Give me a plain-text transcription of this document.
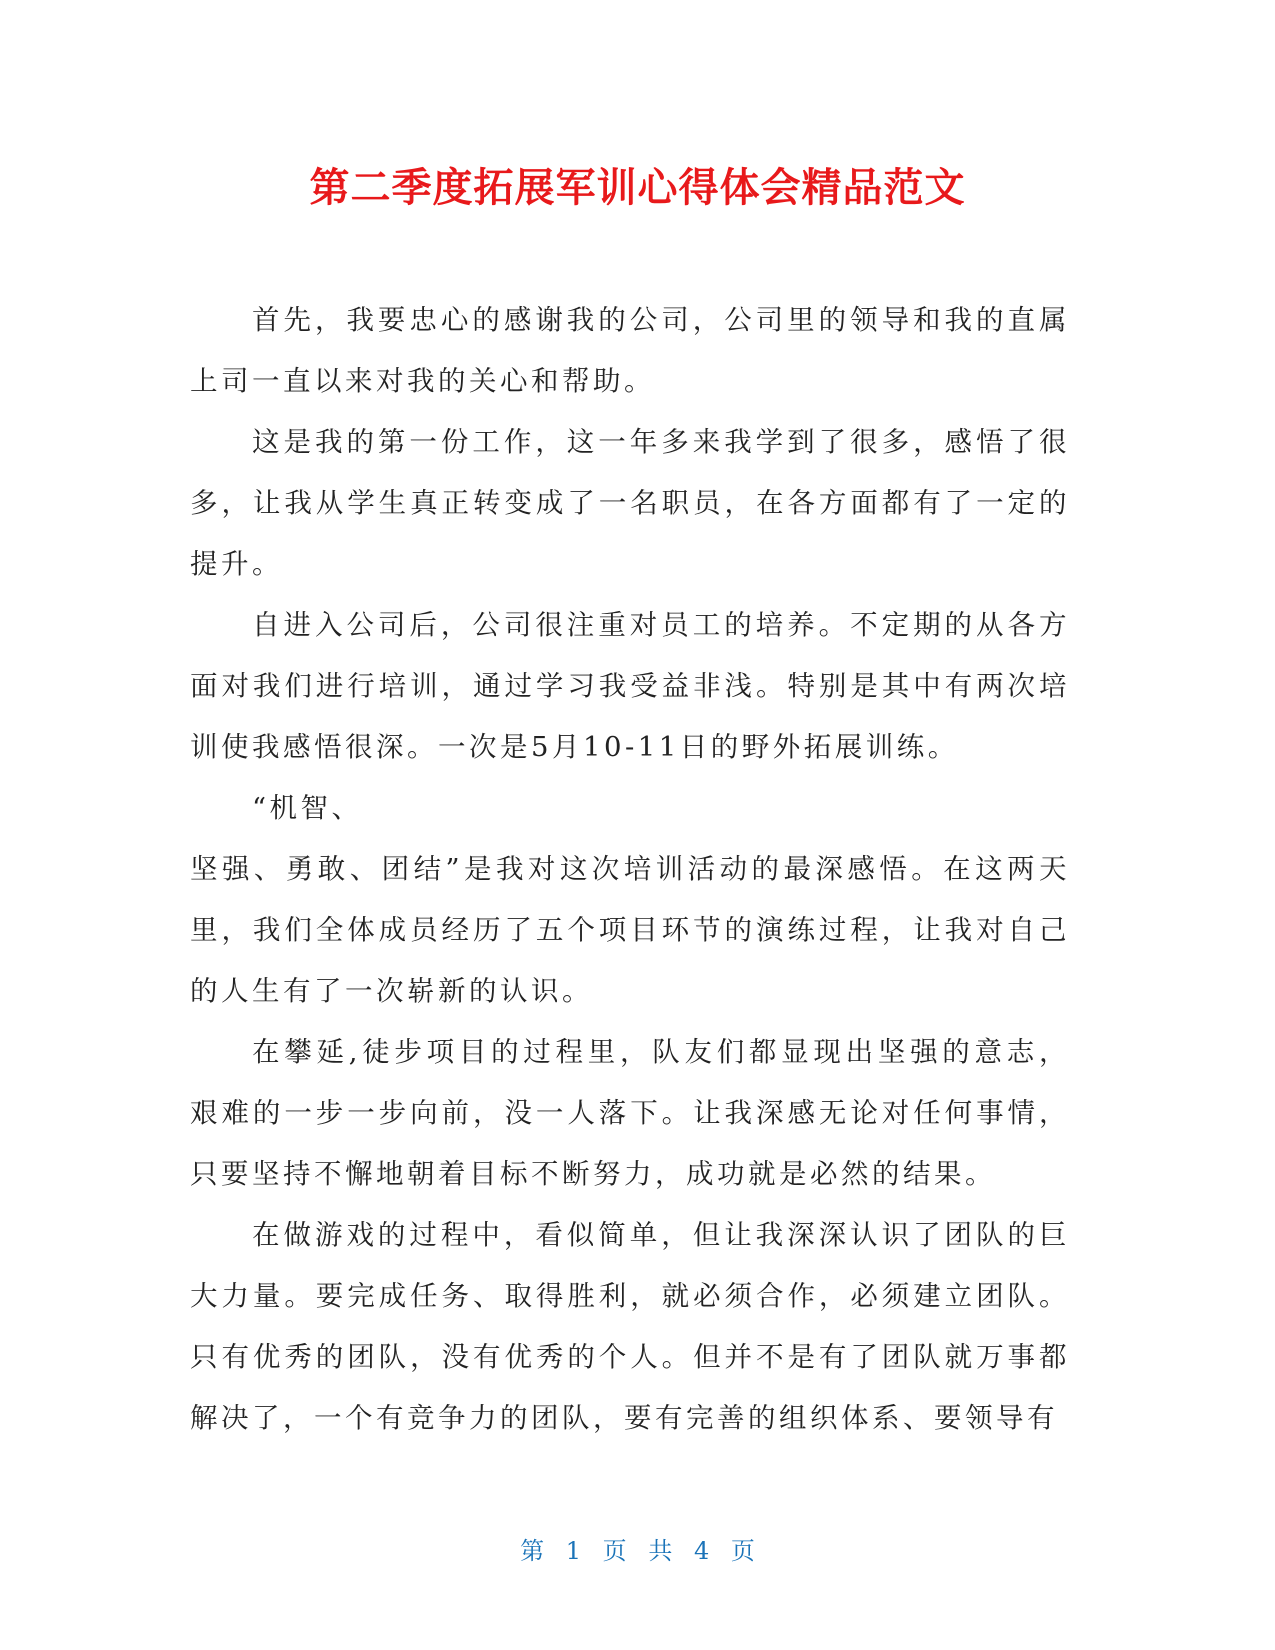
第二季度拓展军训心得体会精品范文

首先，我要忠心的感谢我的公司，公司里的领导和我的直属上司一直以来对我的关心和帮助。

这是我的第一份工作，这一年多来我学到了很多，感悟了很多，让我从学生真正转变成了一名职员，在各方面都有了一定的提升。

自进入公司后，公司很注重对员工的培养。不定期的从各方面对我们进行培训，通过学习我受益非浅。特别是其中有两次培训使我感悟很深。一次是5月10-11日的野外拓展训练。

“机智、

坚强、勇敢、团结”是我对这次培训活动的最深感悟。在这两天里，我们全体成员经历了五个项目环节的演练过程，让我对自己的人生有了一次崭新的认识。

在攀延,徒步项目的过程里，队友们都显现出坚强的意志，艰难的一步一步向前，没一人落下。让我深感无论对任何事情，只要坚持不懈地朝着目标不断努力，成功就是必然的结果。

在做游戏的过程中，看似简单，但让我深深认识了团队的巨大力量。要完成任务、取得胜利，就必须合作，必须建立团队。只有优秀的团队，没有优秀的个人。但并不是有了团队就万事都解决了，一个有竞争力的团队，要有完善的组织体系、要领导有

第 1 页 共 4 页
